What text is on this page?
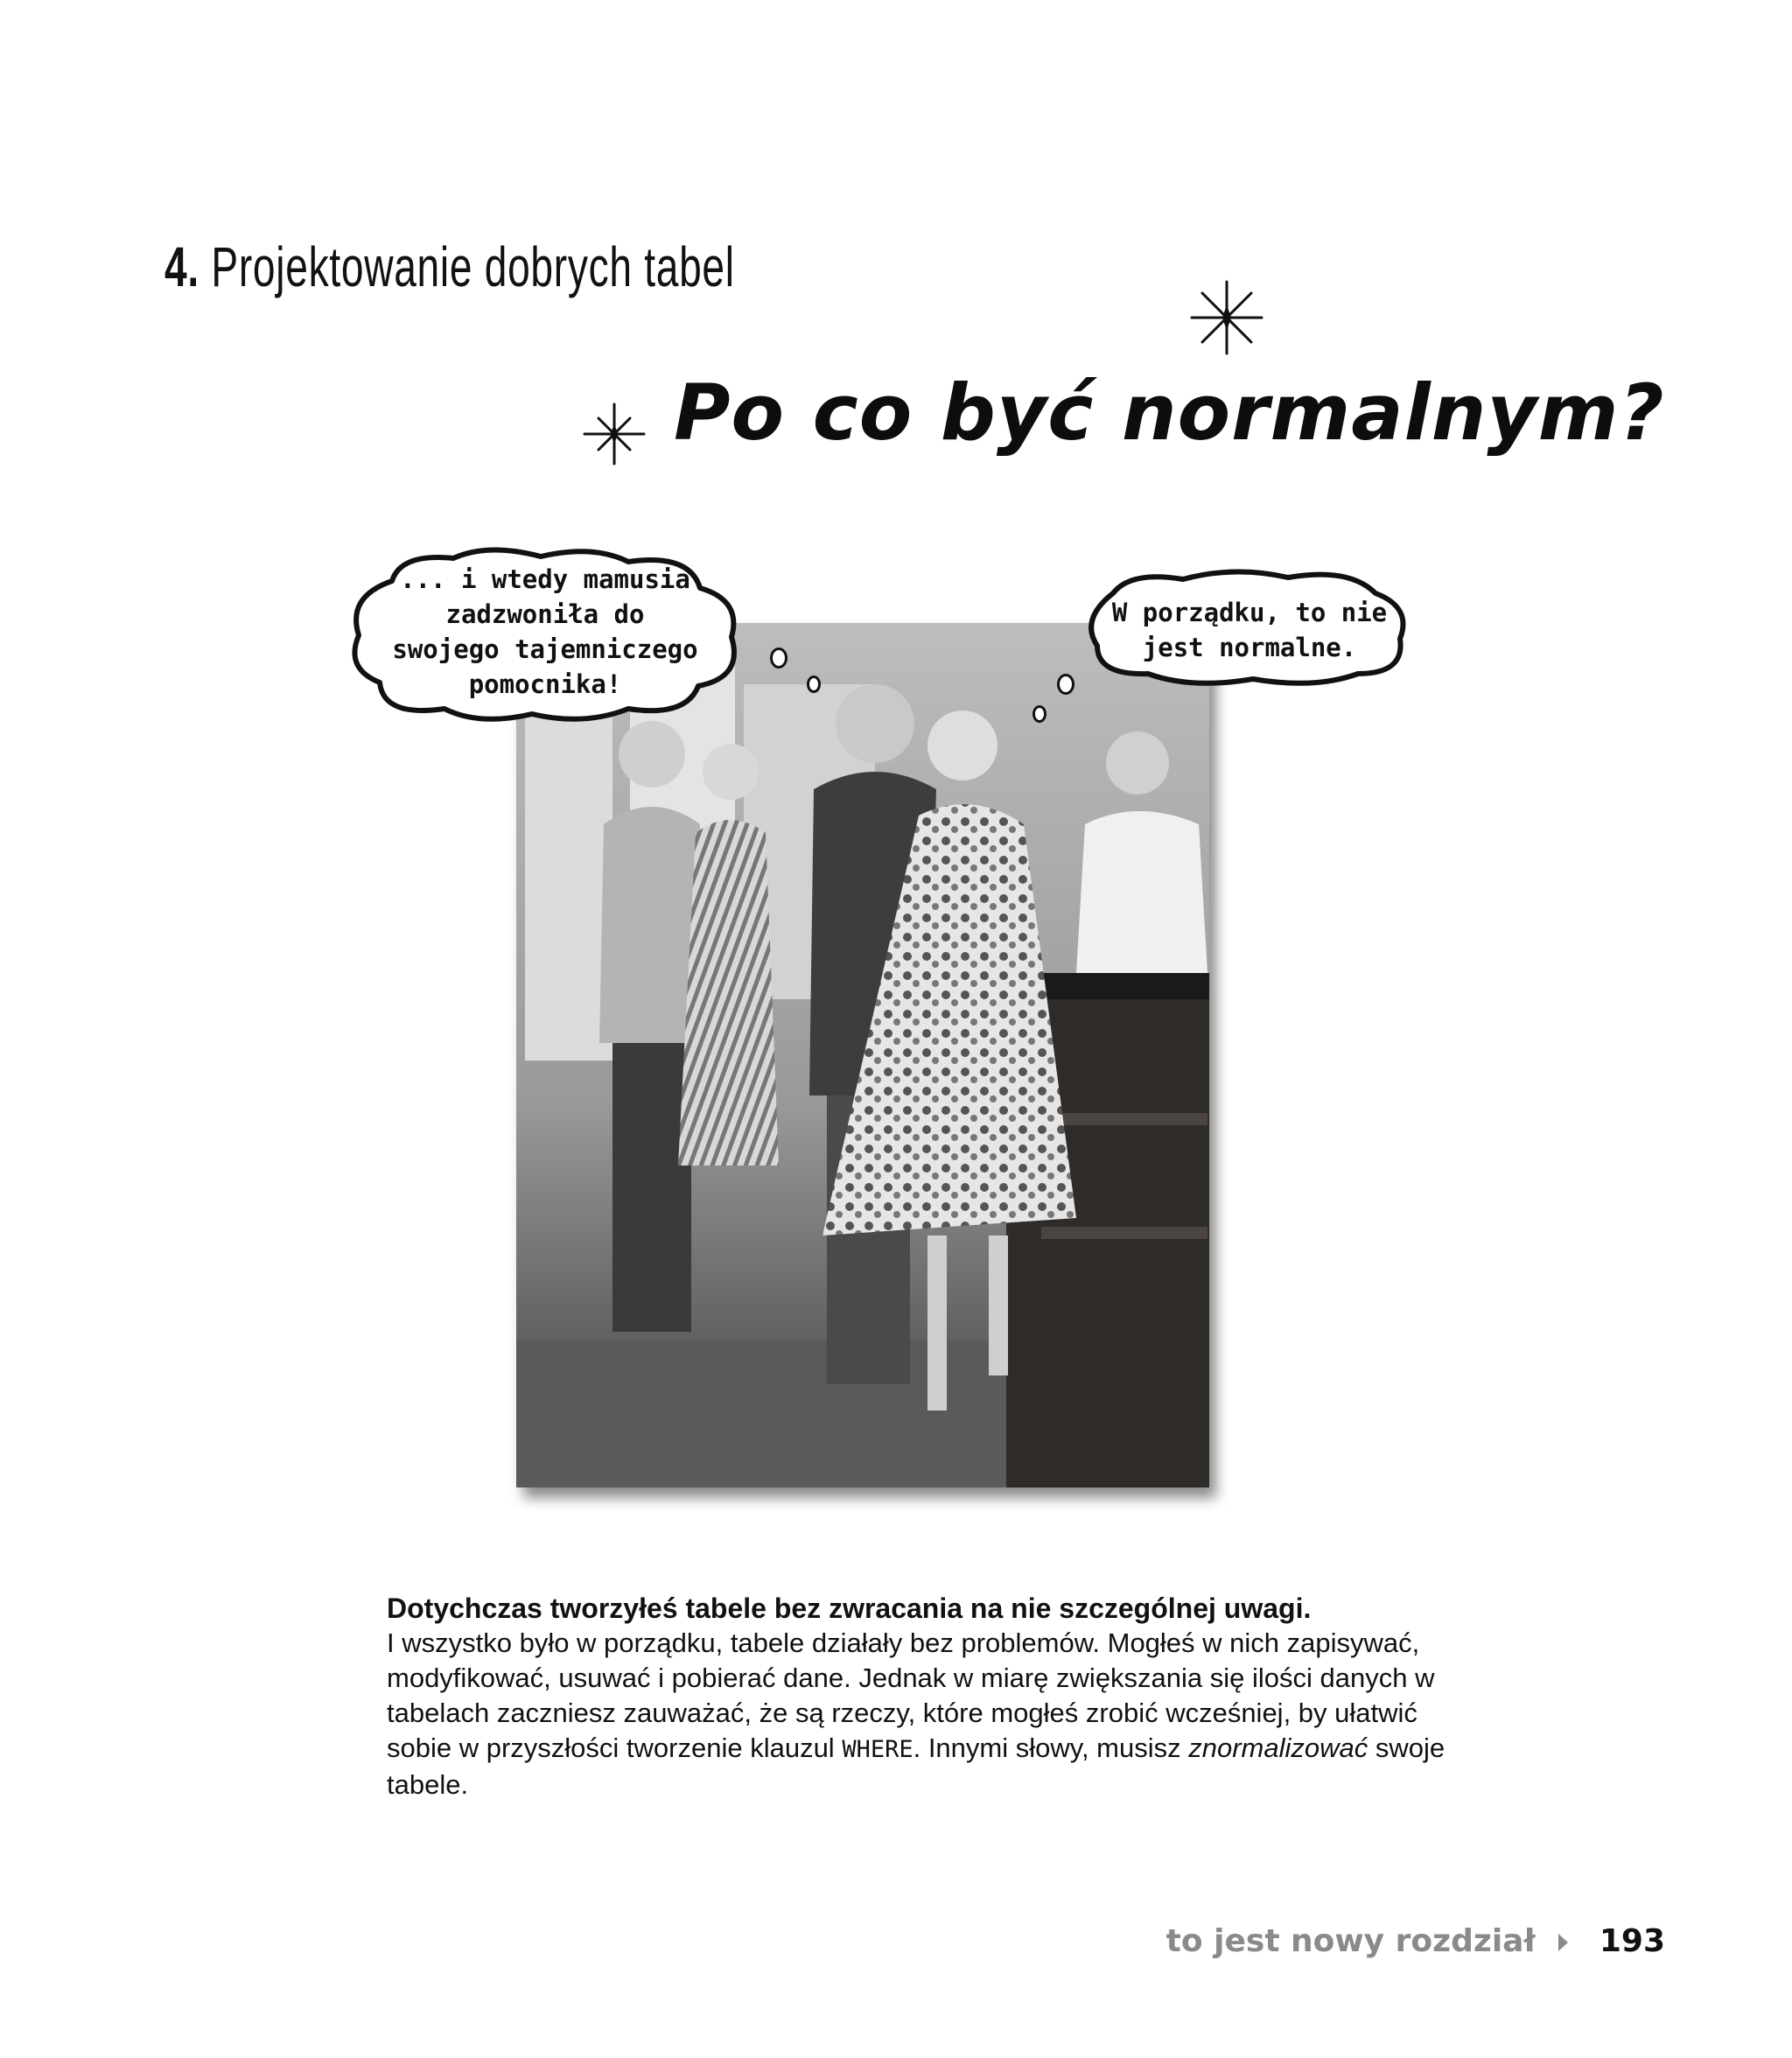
4. Projektowanie dobrych tabel
Po co być normalnym?
... i wtedy mamusia
zadzwoniła do
swojego tajemniczego
pomocnika!
W porządku, to nie
jest normalne.
Dotychczas tworzyłeś tabele bez zwracania na nie szczególnej uwagi.
I wszystko było w porządku, tabele działały bez problemów. Mogłeś w nich zapisywać, modyfikować, usuwać i pobierać dane. Jednak w miarę zwiększania się ilości danych w tabelach zaczniesz zauważać, że są rzeczy, które mogłeś zrobić wcześniej, by ułatwić sobie w przyszłości tworzenie klauzul WHERE. Innymi słowy, musisz znormalizować swoje tabele.
to jest nowy rozdział 193
